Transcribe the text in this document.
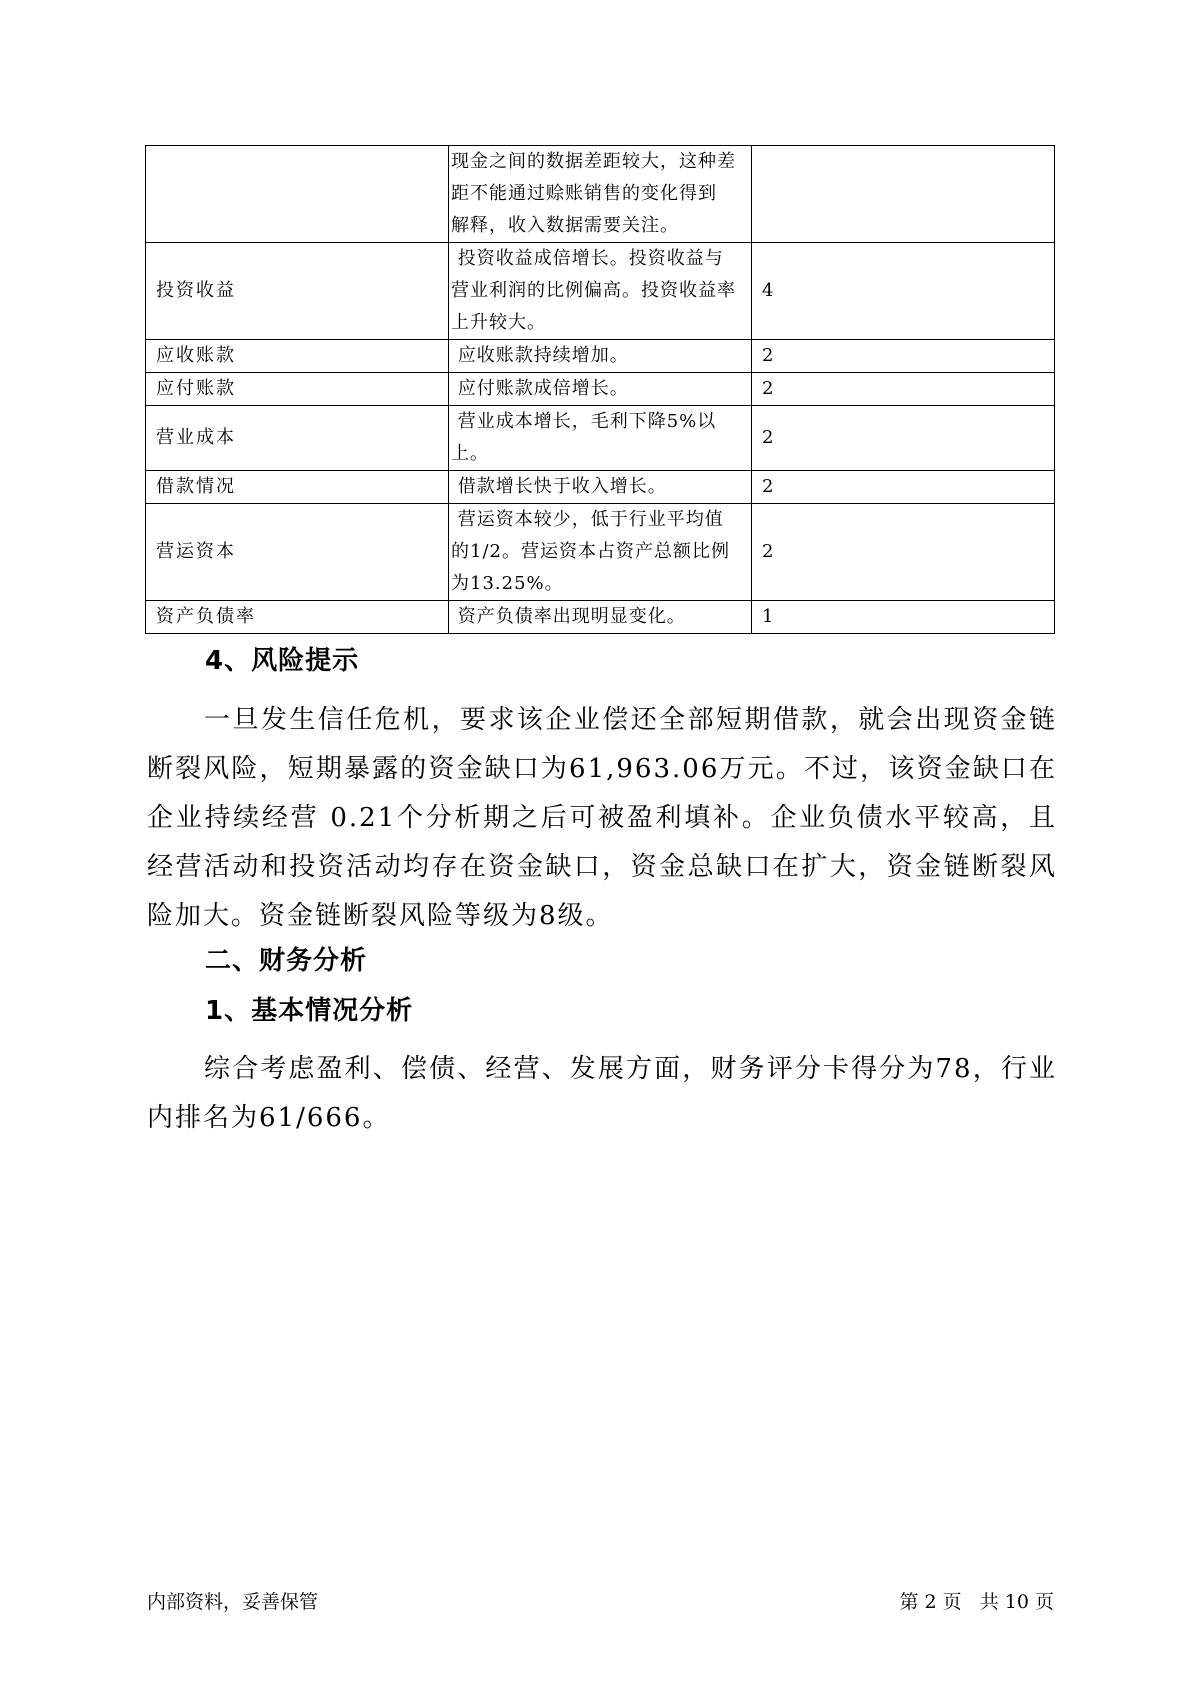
	现金之间的数据差距较大，这种差
距不能通过赊账销售的变化得到
解释，收入数据需要关注。	
投资收益	投资收益成倍增长。投资收益与
营业利润的比例偏高。投资收益率
上升较大。	4
应收账款	应收账款持续增加。	2
应付账款	应付账款成倍增长。	2
营业成本	营业成本增长，毛利下降5%以上。	2
借款情况	借款增长快于收入增长。	2
营运资本	营运资本较少，低于行业平均值
的1/2。营运资本占资产总额比例
为13.25%。	2
资产负债率	资产负债率出现明显变化。	1
4、风险提示

一旦发生信任危机，要求该企业偿还全部短期借款，就会出现资金链断裂风险，短期暴露的资金缺口为61,963.06万元。不过，该资金缺口在企业持续经营 0.21个分析期之后可被盈利填补。企业负债水平较高，且经营活动和投资活动均存在资金缺口，资金总缺口在扩大，资金链断裂风险加大。资金链断裂风险等级为8级。

二、财务分析
1、基本情况分析

综合考虑盈利、偿债、经营、发展方面，财务评分卡得分为78，行业内排名为61/666。

内部资料，妥善保管	第 2 页   共 10 页
